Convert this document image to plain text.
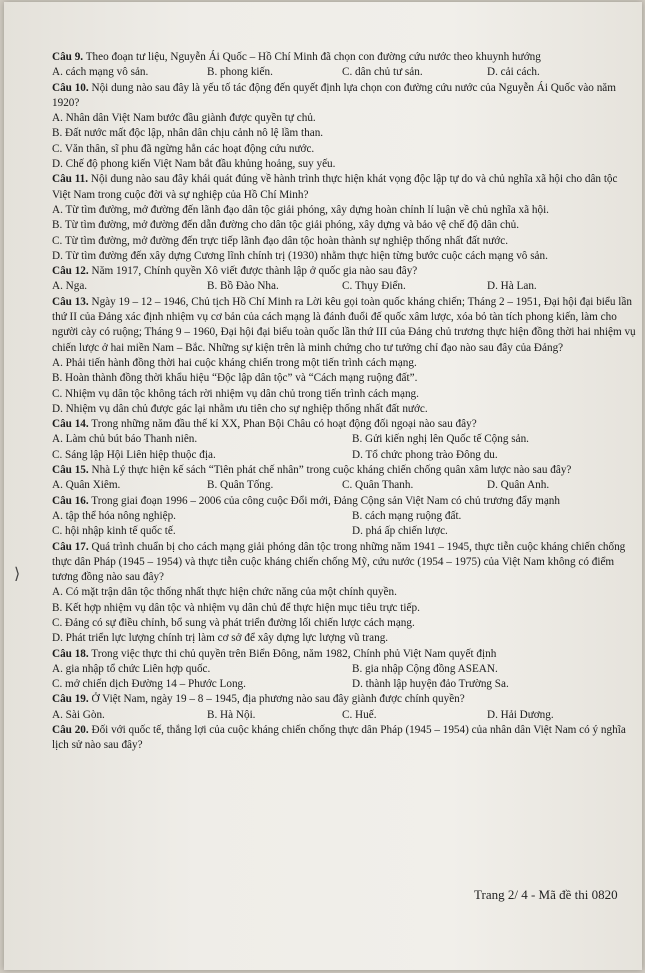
⟩

Câu 9. Theo đoạn tư liệu, Nguyễn Ái Quốc – Hồ Chí Minh đã chọn con đường cứu nước theo khuynh hướng

A. cách mạng vô sản.	B. phong kiến.	C. dân chủ tư sản.	D. cải cách.

Câu 10. Nội dung nào sau đây là yếu tố tác động đến quyết định lựa chọn con đường cứu nước của Nguyễn Ái Quốc vào năm 1920?

A. Nhân dân Việt Nam bước đầu giành được quyền tự chủ.
B. Đất nước mất độc lập, nhân dân chịu cảnh nô lệ lầm than.
C. Văn thân, sĩ phu đã ngừng hẳn các hoạt động cứu nước.
D. Chế độ phong kiến Việt Nam bắt đầu khủng hoảng, suy yếu.

Câu 11. Nội dung nào sau đây khái quát đúng về hành trình thực hiện khát vọng độc lập tự do và chủ nghĩa xã hội cho dân tộc Việt Nam trong cuộc đời và sự nghiệp của Hồ Chí Minh?

A. Từ tìm đường, mở đường đến lãnh đạo dân tộc giải phóng, xây dựng hoàn chỉnh lí luận về chủ nghĩa xã hội.
B. Từ tìm đường, mở đường đến dẫn đường cho dân tộc giải phóng, xây dựng và bảo vệ chế độ dân chủ.
C. Từ tìm đường, mở đường đến trực tiếp lãnh đạo dân tộc hoàn thành sự nghiệp thống nhất đất nước.
D. Từ tìm đường đến xây dựng Cương lĩnh chính trị (1930) nhằm thực hiện từng bước cuộc cách mạng vô sản.

Câu 12. Năm 1917, Chính quyền Xô viết được thành lập ở quốc gia nào sau đây?

A. Nga.	B. Bồ Đào Nha.	C. Thụy Điển.	D. Hà Lan.

Câu 13. Ngày 19 – 12 – 1946, Chủ tịch Hồ Chí Minh ra Lời kêu gọi toàn quốc kháng chiến; Tháng 2 – 1951, Đại hội đại biểu lần thứ II của Đảng xác định nhiệm vụ cơ bản của cách mạng là đánh đuổi đế quốc xâm lược, xóa bỏ tàn tích phong kiến, làm cho người cày có ruộng; Tháng 9 – 1960, Đại hội đại biểu toàn quốc lần thứ III của Đảng chủ trương thực hiện đồng thời hai nhiệm vụ chiến lược ở hai miền Nam – Bắc. Những sự kiện trên là minh chứng cho tư tưởng chỉ đạo nào sau đây của Đảng?

A. Phải tiến hành đồng thời hai cuộc kháng chiến trong một tiến trình cách mạng.
B. Hoàn thành đồng thời khẩu hiệu “Độc lập dân tộc” và “Cách mạng ruộng đất”.
C. Nhiệm vụ dân tộc không tách rời nhiệm vụ dân chủ trong tiến trình cách mạng.
D. Nhiệm vụ dân chủ được gác lại nhằm ưu tiên cho sự nghiệp thống nhất đất nước.

Câu 14. Trong những năm đầu thế kỉ XX, Phan Bội Châu có hoạt động đối ngoại nào sau đây?

A. Làm chủ bút báo Thanh niên.	B. Gửi kiến nghị lên Quốc tế Cộng sản.
C. Sáng lập Hội Liên hiệp thuộc địa.	D. Tổ chức phong trào Đông du.

Câu 15. Nhà Lý thực hiện kế sách “Tiên phát chế nhân” trong cuộc kháng chiến chống quân xâm lược nào sau đây?

A. Quân Xiêm.	B. Quân Tống.	C. Quân Thanh.	D. Quân Anh.

Câu 16. Trong giai đoạn 1996 – 2006 của công cuộc Đổi mới, Đảng Cộng sản Việt Nam có chủ trương đẩy mạnh

A. tập thể hóa nông nghiệp.	B. cách mạng ruộng đất.
C. hội nhập kinh tế quốc tế.	D. phá ấp chiến lược.

Câu 17. Quá trình chuẩn bị cho cách mạng giải phóng dân tộc trong những năm 1941 – 1945, thực tiễn cuộc kháng chiến chống thực dân Pháp (1945 – 1954) và thực tiễn cuộc kháng chiến chống Mỹ, cứu nước (1954 – 1975) của Việt Nam không có điểm tương đồng nào sau đây?

A. Có mặt trận dân tộc thống nhất thực hiện chức năng của một chính quyền.
B. Kết hợp nhiệm vụ dân tộc và nhiệm vụ dân chủ để thực hiện mục tiêu trực tiếp.
C. Đảng có sự điều chỉnh, bổ sung và phát triển đường lối chiến lược cách mạng.
D. Phát triển lực lượng chính trị làm cơ sở để xây dựng lực lượng vũ trang.

Câu 18. Trong việc thực thi chủ quyền trên Biển Đông, năm 1982, Chính phủ Việt Nam quyết định

A. gia nhập tổ chức Liên hợp quốc.	B. gia nhập Cộng đồng ASEAN.
C. mở chiến dịch Đường 14 – Phước Long.	D. thành lập huyện đảo Trường Sa.

Câu 19. Ở Việt Nam, ngày 19 – 8 – 1945, địa phương nào sau đây giành được chính quyền?

A. Sài Gòn.	B. Hà Nội.	C. Huế.	D. Hải Dương.

Câu 20. Đối với quốc tế, thắng lợi của cuộc kháng chiến chống thực dân Pháp (1945 – 1954) của nhân dân Việt Nam có ý nghĩa lịch sử nào sau đây?

Trang 2/ 4 - Mã đề thi 0820
